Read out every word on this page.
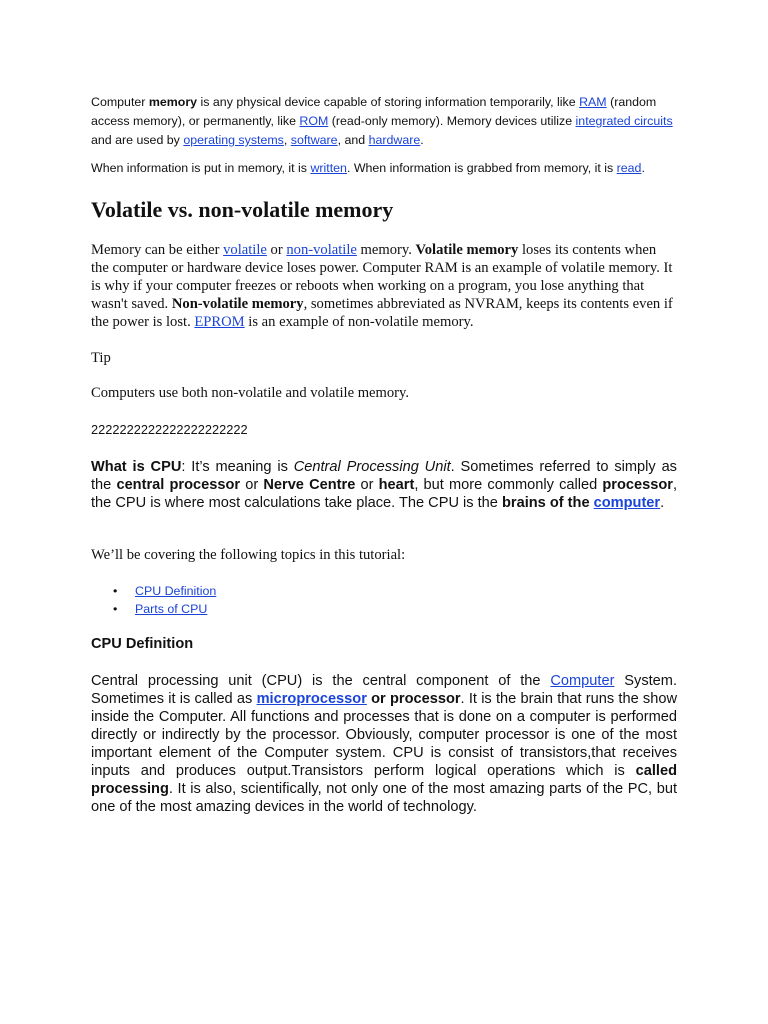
Computer memory is any physical device capable of storing information temporarily, like RAM (random access memory), or permanently, like ROM (read-only memory). Memory devices utilize integrated circuits and are used by operating systems, software, and hardware.

When information is put in memory, it is written. When information is grabbed from memory, it is read.

Volatile vs. non-volatile memory

Memory can be either volatile or non-volatile memory. Volatile memory loses its contents when the computer or hardware device loses power. Computer RAM is an example of volatile memory. It is why if your computer freezes or reboots when working on a program, you lose anything that wasn't saved. Non-volatile memory, sometimes abbreviated as NVRAM, keeps its contents even if the power is lost. EPROM is an example of non-volatile memory.

Tip

Computers use both non-volatile and volatile memory.

2222222222222222222222

What is CPU: It’s meaning is Central Processing Unit. Sometimes referred to simply as the central processor or Nerve Centre or heart, but more commonly called processor, the CPU is where most calculations take place. The CPU is the brains of the computer.

We’ll be covering the following topics in this tutorial:

• CPU Definition
• Parts of CPU
CPU Definition

Central processing unit (CPU) is the central component of the Computer System. Sometimes it is called as microprocessor or processor. It is the brain that runs the show inside the Computer. All functions and processes that is done on a computer is performed directly or indirectly by the processor. Obviously, computer processor is one of the most important element of the Computer system. CPU is consist of transistors,that receives inputs and produces output.Transistors perform logical operations which is called processing. It is also, scientifically, not only one of the most amazing parts of the PC, but one of the most amazing devices in the world of technology.
